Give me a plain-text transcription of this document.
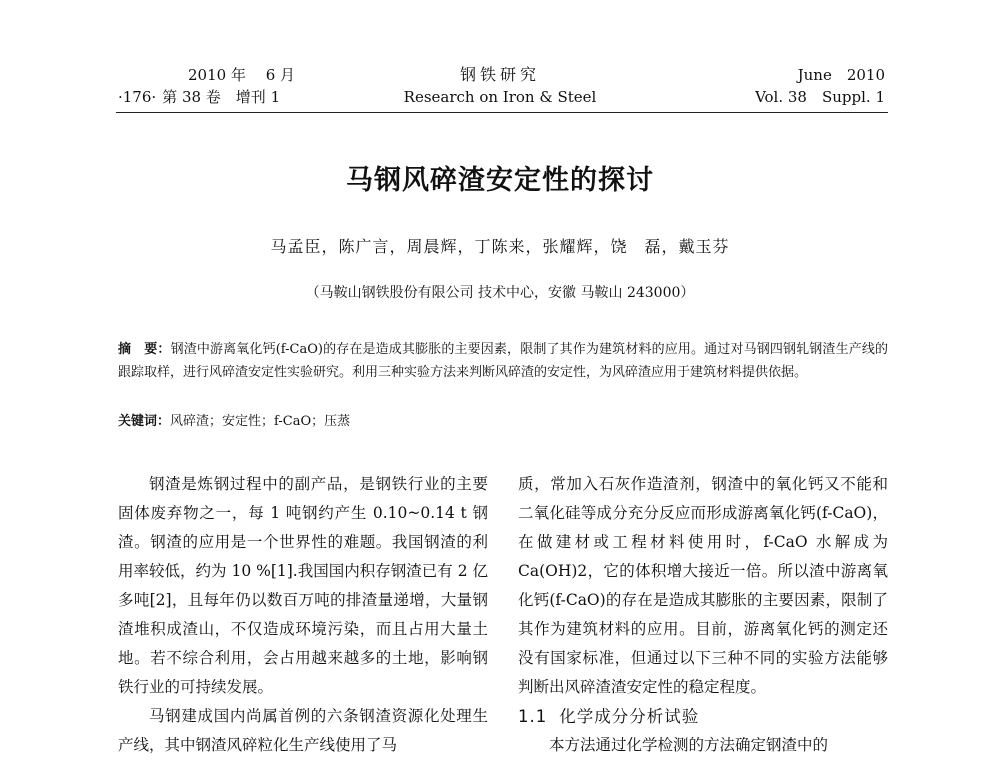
2010 年　 6 月
·176· 第 38 卷　增刊 1
钢铁研究
Research on Iron & Steel
June　2010
Vol. 38　Suppl. 1
马钢风碎渣安定性的探讨
马孟臣，陈广言，周晨辉，丁陈来，张耀辉，饶　磊，戴玉芬
（马鞍山钢铁股份有限公司 技术中心，安徽 马鞍山 243000）
摘　要：钢渣中游离氧化钙(f-CaO)的存在是造成其膨胀的主要因素，限制了其作为建筑材料的应用。通过对马钢四钢轧钢渣生产线的跟踪取样，进行风碎渣安定性实验研究。利用三种实验方法来判断风碎渣的安定性，为风碎渣应用于建筑材料提供依据。
关键词：风碎渣；安定性；f-CaO；压蒸

钢渣是炼钢过程中的副产品，是钢铁行业的主要固体废弃物之一，每 1 吨钢约产生 0.10~0.14 t 钢渣。钢渣的应用是一个世界性的难题。我国钢渣的利用率较低，约为 10 %[1].我国国内积存钢渣已有 2 亿多吨[2]，且每年仍以数百万吨的排渣量递增，大量钢渣堆积成渣山，不仅造成环境污染，而且占用大量土地。若不综合利用，会占用越来越多的土地，影响钢铁行业的可持续发展。

马钢建成国内尚属首例的六条钢渣资源化处理生产线，其中钢渣风碎粒化生产线使用了马

质，常加入石灰作造渣剂，钢渣中的氧化钙又不能和二氧化硅等成分充分反应而形成游离氧化钙(f-CaO)，在做建材或工程材料使用时，f-CaO 水解成为 Ca(OH)2，它的体积增大接近一倍。所以渣中游离氧化钙(f-CaO)的存在是造成其膨胀的主要因素，限制了其作为建筑材料的应用。目前，游离氧化钙的测定还没有国家标准，但通过以下三种不同的实验方法能够判断出风碎渣渣安定性的稳定程度。

1.1 化学成分分析试验

本方法通过化学检测的方法确定钢渣中的
